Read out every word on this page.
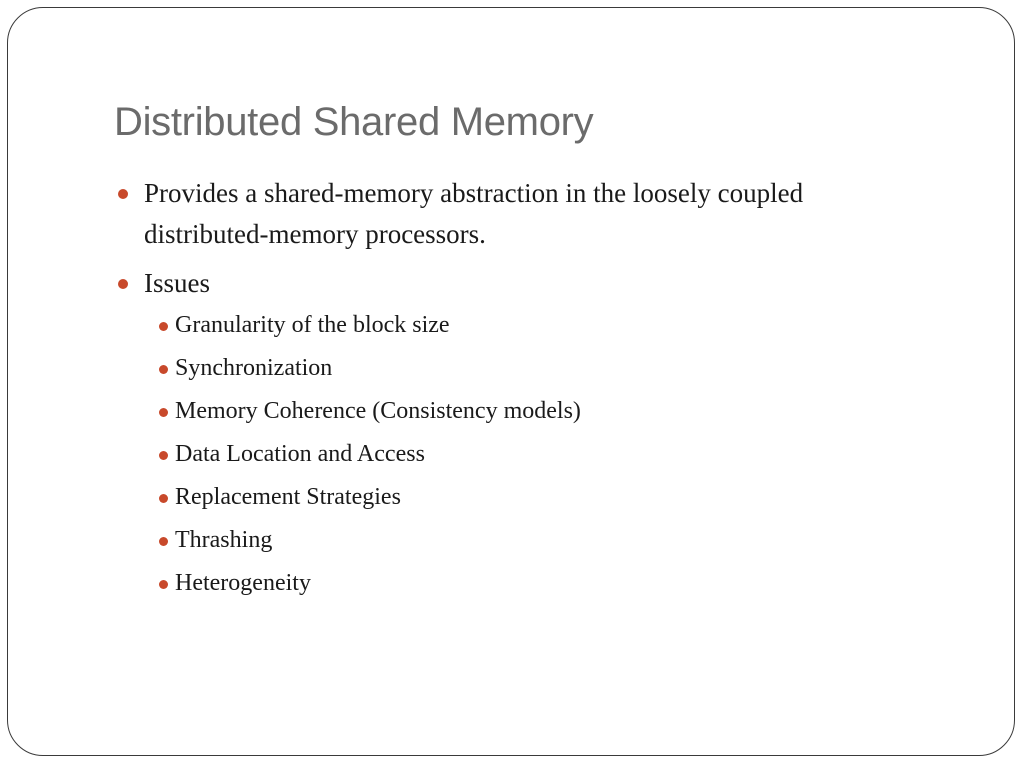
Distributed Shared Memory
Provides a shared-memory abstraction in the loosely coupled distributed-memory processors.
Issues
Granularity of the block size
Synchronization
Memory Coherence (Consistency models)
Data Location and Access
Replacement Strategies
Thrashing
Heterogeneity
